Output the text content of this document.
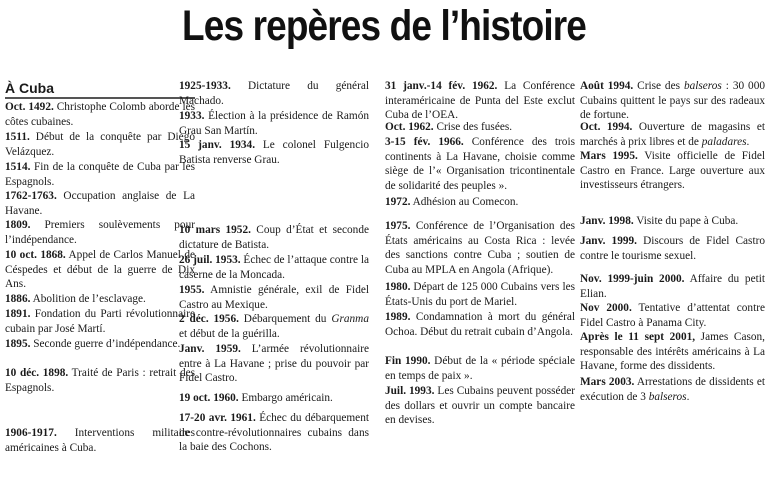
Les repères de l’histoire
À Cuba
Oct. 1492. Christophe Colomb aborde les côtes cubaines.
1511. Début de la conquête par Diego Velázquez.
1514. Fin de la conquête de Cuba par les Espagnols.
1762-1763. Occupation anglaise de La Havane.
1809. Premiers soulèvements pour l’indépendance.
10 oct. 1868. Appel de Carlos Manuel de Céspedes et début de la guerre de Dix Ans.
1886. Abolition de l’esclavage.
1891. Fondation du Parti révolutionnaire cubain par José Martí.
1895. Seconde guerre d’indépendance.
10 déc. 1898. Traité de Paris : retrait des Espagnols.
1906-1917. Interventions militaires américaines à Cuba.
1925-1933. Dictature du général Machado.
1933. Élection à la présidence de Ramón Grau San Martín.
15 janv. 1934. Le colonel Fulgencio Batista renverse Grau.
10 mars 1952. Coup d’État et seconde dictature de Batista.
26 juil. 1953. Échec de l’attaque contre la caserne de la Moncada.
1955. Amnistie générale, exil de Fidel Castro au Mexique.
2 déc. 1956. Débarquement du Granma et début de la guérilla.
Janv. 1959. L’armée révolutionnaire entre à La Havane ; prise du pouvoir par Fidel Castro.
19 oct. 1960. Embargo américain.
17-20 avr. 1961. Échec du débarquement de contre-révolutionnaires cubains dans la baie des Cochons.
31 janv.-14 fév. 1962. La Conférence interaméricaine de Punta del Este exclut Cuba de l’OEA.
Oct. 1962. Crise des fusées.
3-15 fév. 1966. Conférence des trois continents à La Havane, choisie comme siège de l’« Organisation tricontinentale de solidarité des peuples ».
1972. Adhésion au Comecon.
1975. Conférence de l’Organisation des États américains au Costa Rica : levée des sanctions contre Cuba ; soutien de Cuba au MPLA en Angola (Afrique).
1980. Départ de 125 000 Cubains vers les États-Unis du port de Mariel.
1989. Condamnation à mort du général Ochoa. Début du retrait cubain d’Angola.
Fin 1990. Début de la « période spéciale en temps de paix ».
Juil. 1993. Les Cubains peuvent posséder des dollars et ouvrir un compte bancaire en devises.
Août 1994. Crise des balseros : 30 000 Cubains quittent le pays sur des radeaux de fortune.
Oct. 1994. Ouverture de magasins et marchés à prix libres et de paladares.
Mars 1995. Visite officielle de Fidel Castro en France. Large ouverture aux investisseurs étrangers.
Janv. 1998. Visite du pape à Cuba.
Janv. 1999. Discours de Fidel Castro contre le tourisme sexuel.
Nov. 1999-juin 2000. Affaire du petit Elian.
Nov 2000. Tentative d’attentat contre Fidel Castro à Panama City.
Après le 11 sept 2001, James Cason, responsable des intérêts américains à La Havane, forme des dissidents.
Mars 2003. Arrestations de dissidents et exécution de 3 balseros.
